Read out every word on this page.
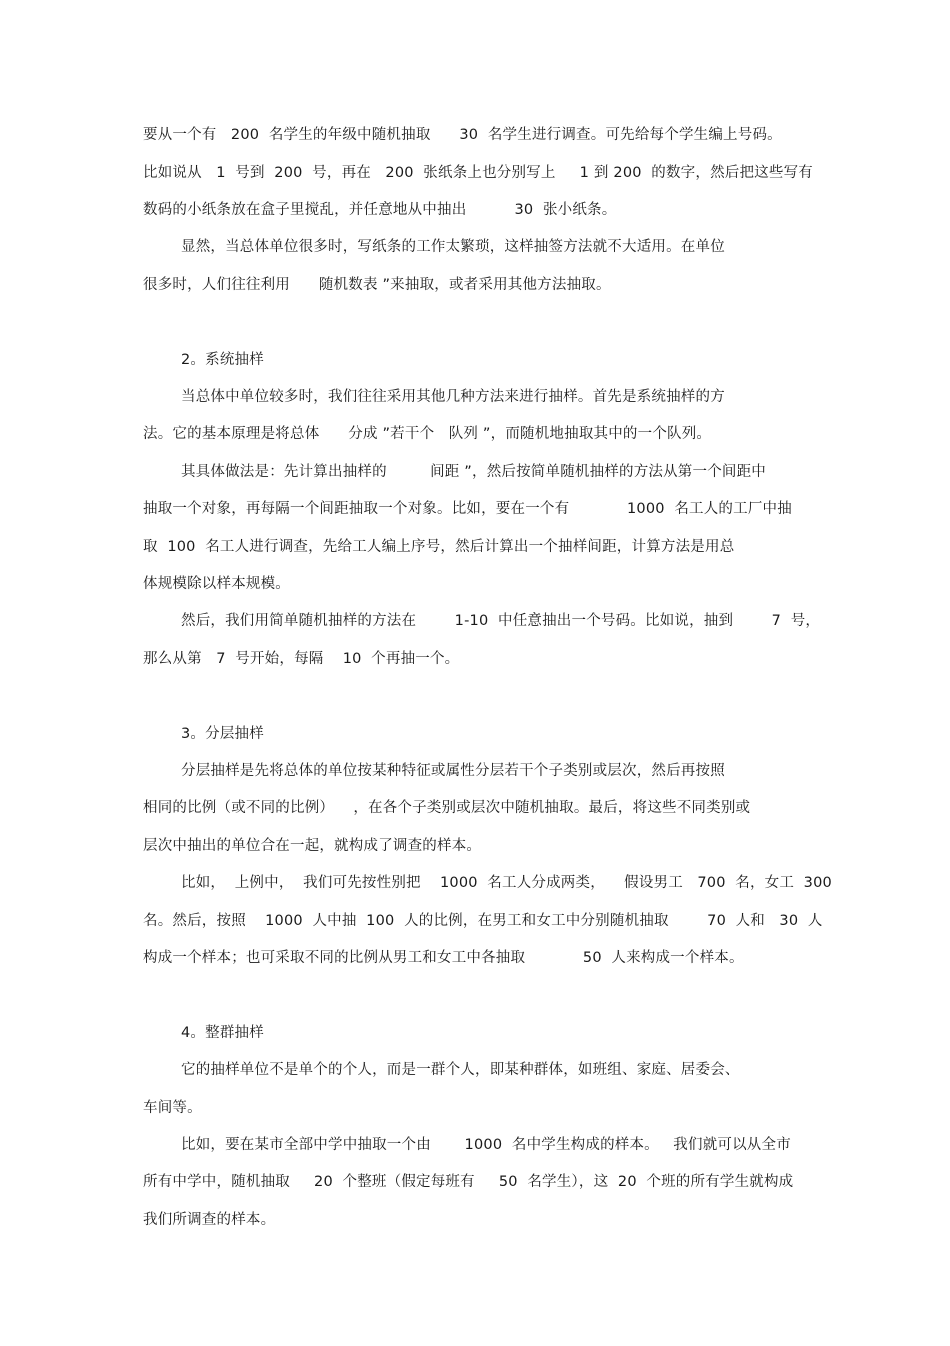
要从一个有   200  名学生的年级中随机抽取      30  名学生进行调查。可先给每个学生编上号码。
比如说从   1  号到  200  号，再在   200  张纸条上也分别写上     1 到 200  的数字，然后把这些写有
数码的小纸条放在盒子里搅乱，并任意地从中抽出          30  张小纸条。
显然，当总体单位很多时，写纸条的工作太繁琐，这样抽签方法就不大适用。在单位
很多时，人们往往利用      随机数表 ”来抽取，或者采用其他方法抽取。
2。系统抽样
当总体中单位较多时，我们往往采用其他几种方法来进行抽样。首先是系统抽样的方
法。它的基本原理是将总体      分成 ”若干个   队列 ”，而随机地抽取其中的一个队列。
其具体做法是：先计算出抽样的         间距 ”，然后按简单随机抽样的方法从第一个间距中
抽取一个对象，再每隔一个间距抽取一个对象。比如，要在一个有            1000  名工人的工厂中抽
取  100  名工人进行调查，先给工人编上序号，然后计算出一个抽样间距，计算方法是用总
体规模除以样本规模。
然后，我们用简单随机抽样的方法在        1-10  中任意抽出一个号码。比如说，抽到        7  号，
那么从第   7  号开始，每隔    10  个再抽一个。
3。分层抽样
分层抽样是先将总体的单位按某种特征或属性分层若干个子类别或层次，然后再按照
相同的比例（或不同的比例）    ，在各个子类别或层次中随机抽取。最后，将这些不同类别或
层次中抽出的单位合在一起，就构成了调查的样本。
比如，  上例中，  我们可先按性别把    1000  名工人分成两类，    假设男工   700  名，女工  300
名。然后，按照    1000  人中抽  100  人的比例，在男工和女工中分别随机抽取        70  人和   30  人
构成一个样本；也可采取不同的比例从男工和女工中各抽取            50  人来构成一个样本。
4。整群抽样
它的抽样单位不是单个的个人，而是一群个人，即某种群体，如班组、家庭、居委会、
车间等。
比如，要在某市全部中学中抽取一个由       1000  名中学生构成的样本。   我们就可以从全市
所有中学中，随机抽取     20  个整班（假定每班有     50  名学生），这  20  个班的所有学生就构成
我们所调查的样本。
